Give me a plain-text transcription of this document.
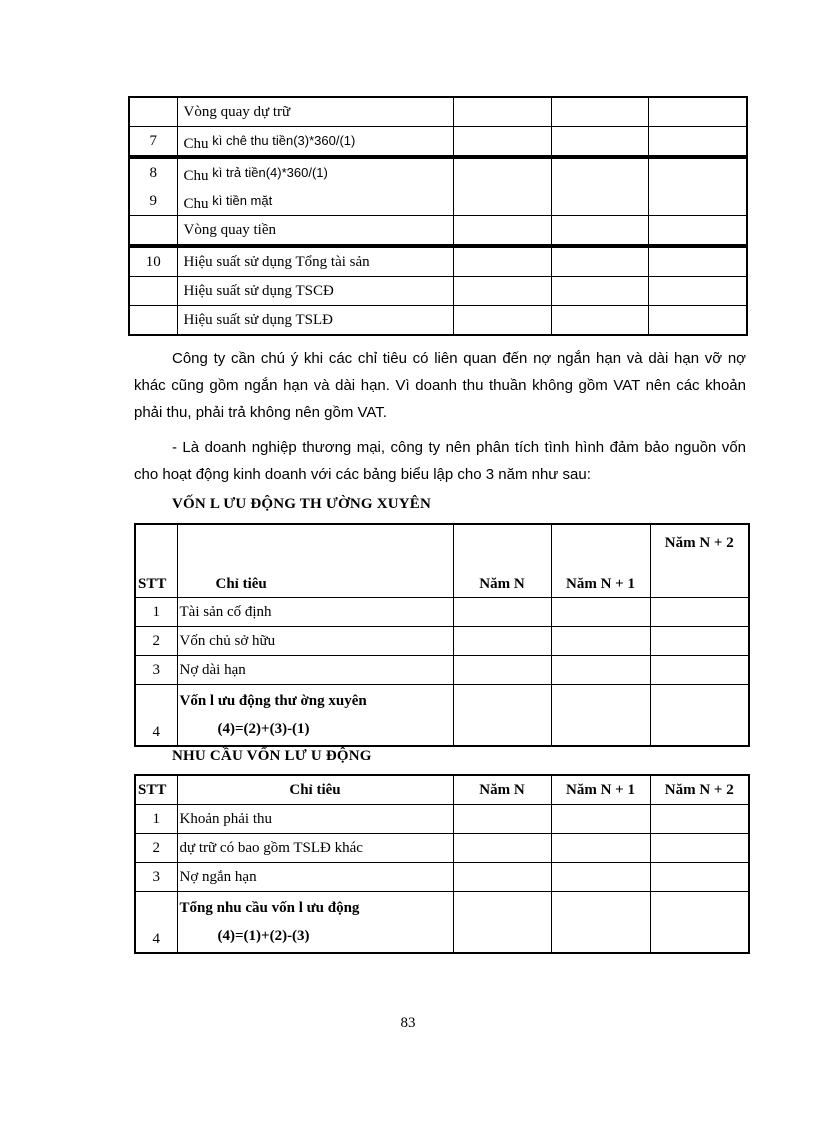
	Vòng quay dự trữ			
7	Chu kì chê thu tiền(3)*360/(1)			
8	Chu kì trả tiền(4)*360/(1)			
9	Chu kì tiền mặt			
	Vòng quay tiền			
10	Hiệu suất sử dụng Tổng tài sản			
	Hiệu suất sử dụng TSCĐ			
	Hiệu suất sử dụng TSLĐ			

Công ty cần chú ý khi các chỉ tiêu có liên quan đến nợ ngắn hạn và dài hạn vỡ nợ khác cũng gồm ngắn hạn và dài hạn. Vì doanh thu thuần không gồm VAT nên các khoản phải thu, phải trả không nên gồm VAT.

- Là doanh nghiệp thương mại, công ty nên phân tích tình hình đảm bảo nguồn vốn cho hoạt động kinh doanh với các bảng biểu lập cho 3 năm như sau:

VỐN L ƯU ĐỘNG TH ƯỜNG XUYÊN
STT	Chỉ tiêu	Năm N	Năm N + 1	Năm N + 2
1	Tài sản cố định			
2	Vốn chủ sở hữu			
3	Nợ dài hạn			
4	Vốn l ưu động thư ờng xuyên
(4)=(2)+(3)-(1)			

NHU CẦU VỐN LƯ U ĐỘNG
STT	Chỉ tiêu	Năm N	Năm N + 1	Năm N + 2
1	Khoản phải thu			
2	dự trữ có bao gồm TSLĐ khác			
3	Nợ ngắn hạn			
4	Tổng nhu cầu vốn l ưu động
(4)=(1)+(2)-(3)			

83
